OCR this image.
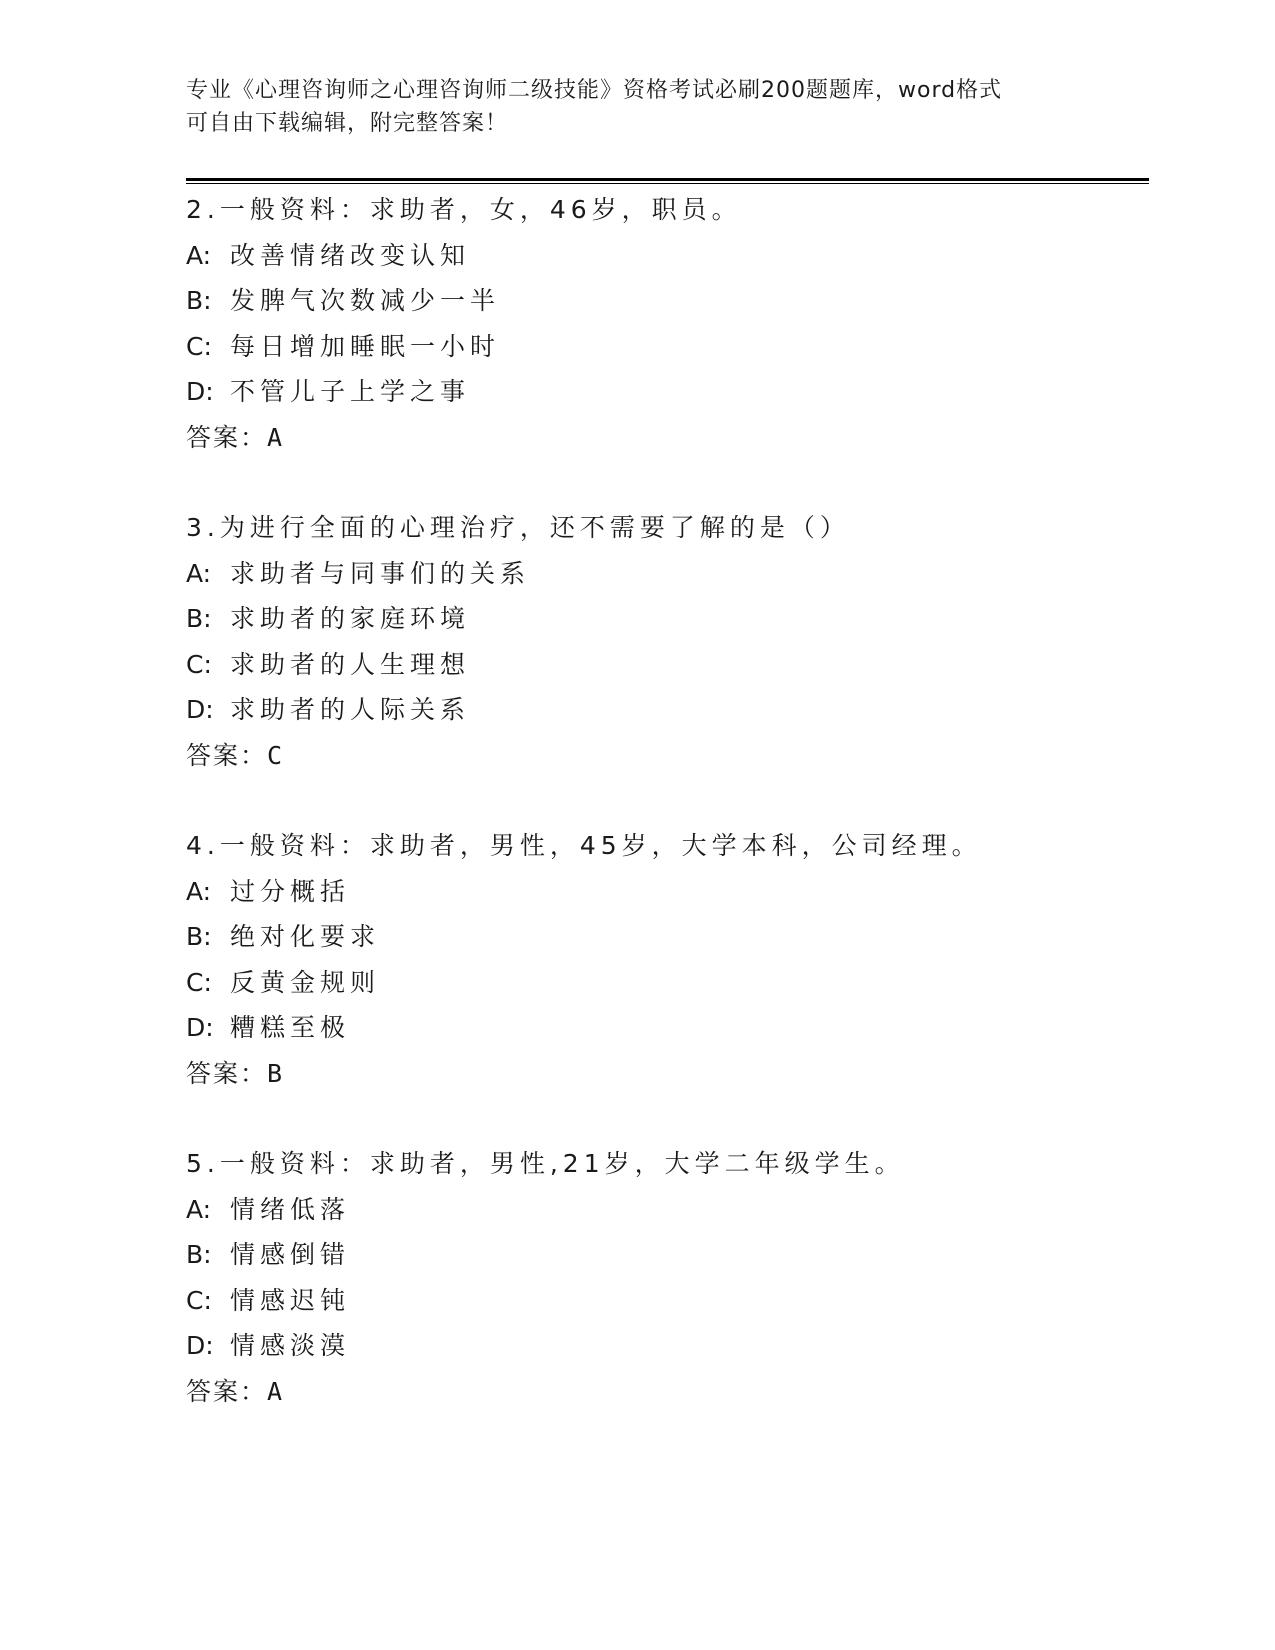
专业《心理咨询师之心理咨询师二级技能》资格考试必刷200题题库，word格式
可自由下载编辑，附完整答案！
2.一般资料：求助者，女，46岁，职员。
A: 改善情绪改变认知
B: 发脾气次数减少一半
C: 每日增加睡眠一小时
D: 不管儿子上学之事
答案：A
3.为进行全面的心理治疗，还不需要了解的是（）
A: 求助者与同事们的关系
B: 求助者的家庭环境
C: 求助者的人生理想
D: 求助者的人际关系
答案：C
4.一般资料：求助者，男性，45岁，大学本科，公司经理。
A: 过分概括
B: 绝对化要求
C: 反黄金规则
D: 糟糕至极
答案：B
5.一般资料：求助者，男性,21岁，大学二年级学生。
A: 情绪低落
B: 情感倒错
C: 情感迟钝
D: 情感淡漠
答案：A
